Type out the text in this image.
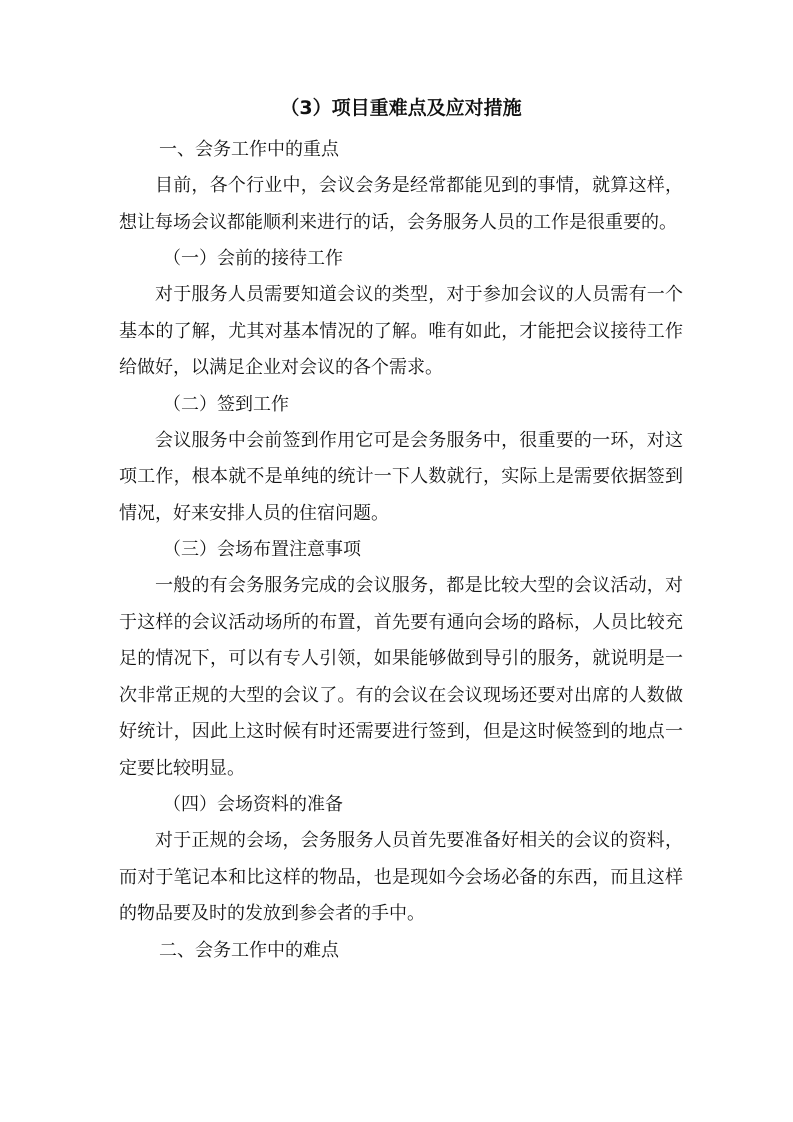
（3）项目重难点及应对措施
一、会务工作中的重点

目前，各个行业中，会议会务是经常都能见到的事情，就算这样，想让每场会议都能顺利来进行的话，会务服务人员的工作是很重要的。

（一）会前的接待工作

对于服务人员需要知道会议的类型，对于参加会议的人员需有一个基本的了解，尤其对基本情况的了解。唯有如此，才能把会议接待工作给做好，以满足企业对会议的各个需求。

（二）签到工作

会议服务中会前签到作用它可是会务服务中，很重要的一环，对这项工作，根本就不是单纯的统计一下人数就行，实际上是需要依据签到情况，好来安排人员的住宿问题。

（三）会场布置注意事项

一般的有会务服务完成的会议服务，都是比较大型的会议活动，对于这样的会议活动场所的布置，首先要有通向会场的路标，人员比较充足的情况下，可以有专人引领，如果能够做到导引的服务，就说明是一次非常正规的大型的会议了。有的会议在会议现场还要对出席的人数做好统计，因此上这时候有时还需要进行签到，但是这时候签到的地点一定要比较明显。

（四）会场资料的准备

对于正规的会场，会务服务人员首先要准备好相关的会议的资料，而对于笔记本和比这样的物品，也是现如今会场必备的东西，而且这样的物品要及时的发放到参会者的手中。

二、会务工作中的难点
